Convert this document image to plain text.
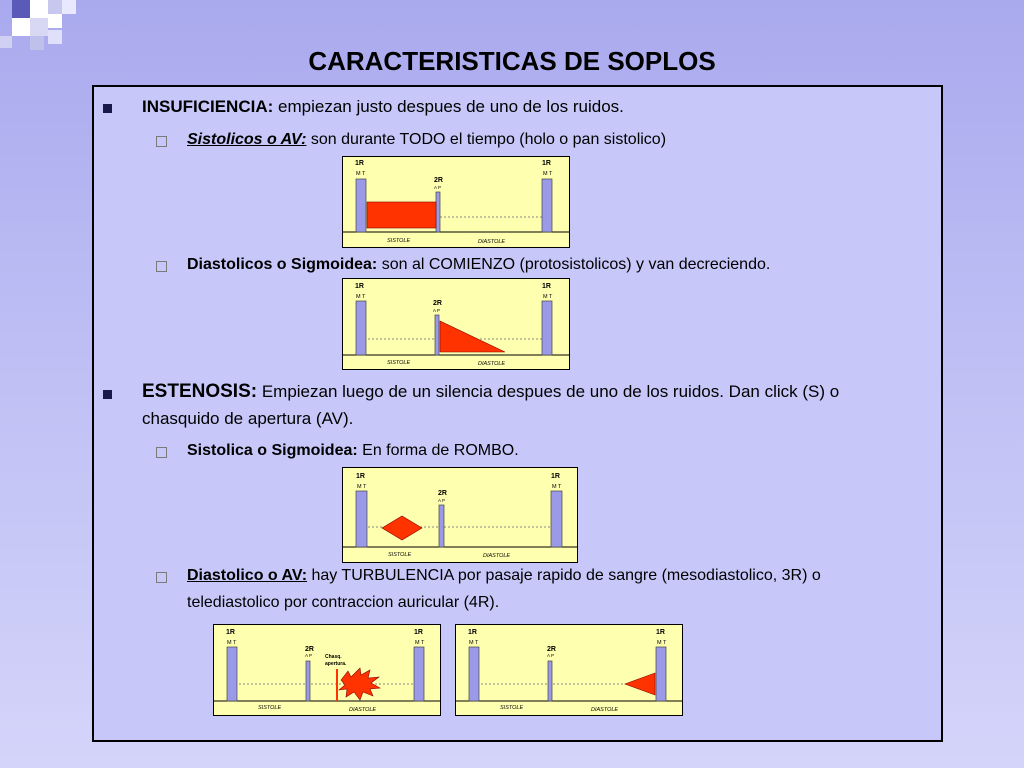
CARACTERISTICAS DE SOPLOS
INSUFICIENCIA: empiezan justo despues de uno de los ruidos.
Sistolicos o AV: son durante TODO el tiempo (holo o pan sistolico)
1R
M T
1R
M T
2R
A P
SISTOLE	DIASTOLE
Diastolicos o Sigmoidea: son al COMIENZO (protosistolicos) y van decreciendo.
1R
M T
1R
M T
2R
A P
SISTOLE	DIASTOLE
ESTENOSIS: Empiezan luego de un silencia despues de uno de los ruidos. Dan click (S) o
chasquido de apertura (AV).
Sistolica o Sigmoidea: En forma de ROMBO.
1R
M T
1R
M T
2R
A P
SISTOLE	DIASTOLE
Diastolico o AV: hay TURBULENCIA por pasaje rapido de sangre (mesodiastolico, 3R) o
telediastolico por contraccion auricular (4R).
1R
M T
1R
M T
2R
A P	Chasq.
apertura.
SISTOLE	DIASTOLE
1R
M T
1R
M T
2R
A P
SISTOLE	DIASTOLE
